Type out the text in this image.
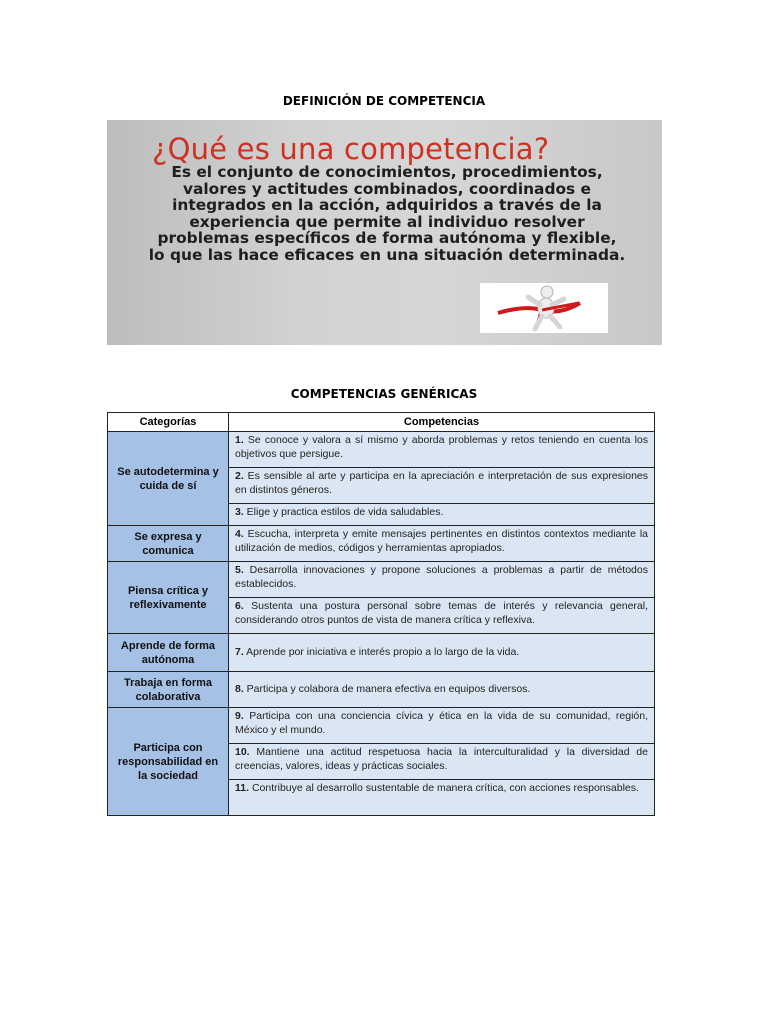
DEFINICIÓN DE COMPETENCIA
¿Qué es una competencia?
Es el conjunto de conocimientos, procedimientos, valores y actitudes combinados, coordinados e integrados en la acción, adquiridos a través de la experiencia que permite al individuo resolver problemas específicos de forma autónoma y flexible, lo que las hace eficaces en una situación determinada.
COMPETENCIAS GENÉRICAS
Categorías	Competencias
Se autodetermina y cuida de sí	1. Se conoce y valora a sí mismo y aborda problemas y retos teniendo en cuenta los objetivos que persigue.
	2. Es sensible al arte y participa en la apreciación e interpretación de sus expresiones en distintos géneros.
	3. Elige y practica estilos de vida saludables.
Se expresa y comunica	4. Escucha, interpreta y emite mensajes pertinentes en distintos contextos mediante la utilización de medios, códigos y herramientas apropiados.
Piensa crítica y reflexivamente	5. Desarrolla innovaciones y propone soluciones a problemas a partir de métodos establecidos.
	6. Sustenta una postura personal sobre temas de interés y relevancia general, considerando otros puntos de vista de manera crítica y reflexiva.
Aprende de forma autónoma	7. Aprende por iniciativa e interés propio a lo largo de la vida.
Trabaja en forma colaborativa	8. Participa y colabora de manera efectiva en equipos diversos.
Participa con responsabilidad en la sociedad	9. Participa con una conciencia cívica y ética en la vida de su comunidad, región, México y el mundo.
	10. Mantiene una actitud respetuosa hacia la interculturalidad y la diversidad de creencias, valores, ideas y prácticas sociales.
	11. Contribuye al desarrollo sustentable de manera crítica, con acciones responsables.
